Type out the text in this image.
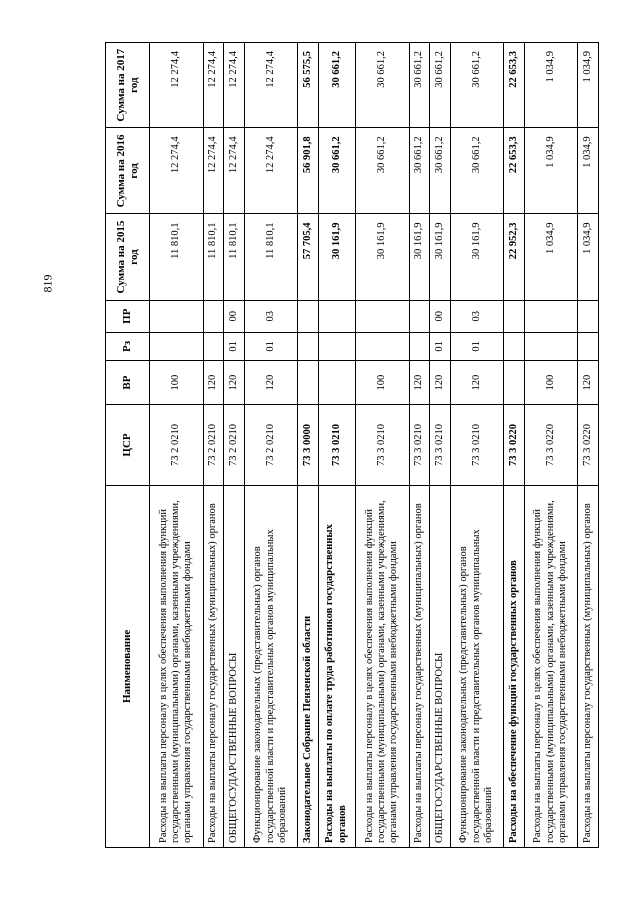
819
Наименование	ЦСР	ВР	Рз	ПР	Сумма на 2015 год	Сумма на 2016 год	Сумма на 2017 год
Расходы на выплаты персоналу в целях обеспечения выполнения функций государственными (муниципальными) органами, казенными учреждениями, органами управления государственными внебюджетными фондами	73 2 0210	100			11 810,1	12 274,4	12 274,4
Расходы на выплаты персоналу государственных (муниципальных) органов	73 2 0210	120			11 810,1	12 274,4	12 274,4
ОБЩЕГОСУДАРСТВЕННЫЕ ВОПРОСЫ	73 2 0210	120	01	00	11 810,1	12 274,4	12 274,4
Функционирование законодательных (представительных) органов государственной власти и представительных органов муниципальных образований	73 2 0210	120	01	03	11 810,1	12 274,4	12 274,4
Законодательное Собрание Пензенской области	73 3 0000				57 705,4	56 901,8	56 575,5
Расходы на выплаты по оплате труда работников государственных органов	73 3 0210				30 161,9	30 661,2	30 661,2
Расходы на выплаты персоналу в целях обеспечения выполнения функций государственными (муниципальными) органами, казенными учреждениями, органами управления государственными внебюджетными фондами	73 3 0210	100			30 161,9	30 661,2	30 661,2
Расходы на выплаты персоналу государственных (муниципальных) органов	73 3 0210	120			30 161,9	30 661,2	30 661,2
ОБЩЕГОСУДАРСТВЕННЫЕ ВОПРОСЫ	73 3 0210	120	01	00	30 161,9	30 661,2	30 661,2
Функционирование законодательных (представительных) органов государственной власти и представительных органов муниципальных образований	73 3 0210	120	01	03	30 161,9	30 661,2	30 661,2
Расходы на обеспечение функций государственных органов	73 3 0220				22 952,3	22 653,3	22 653,3
Расходы на выплаты персоналу в целях обеспечения выполнения функций государственными (муниципальными) органами, казенными учреждениями, органами управления государственными внебюджетными фондами	73 3 0220	100			1 034,9	1 034,9	1 034,9
Расходы на выплаты персоналу государственных (муниципальных) органов	73 3 0220	120			1 034,9	1 034,9	1 034,9
